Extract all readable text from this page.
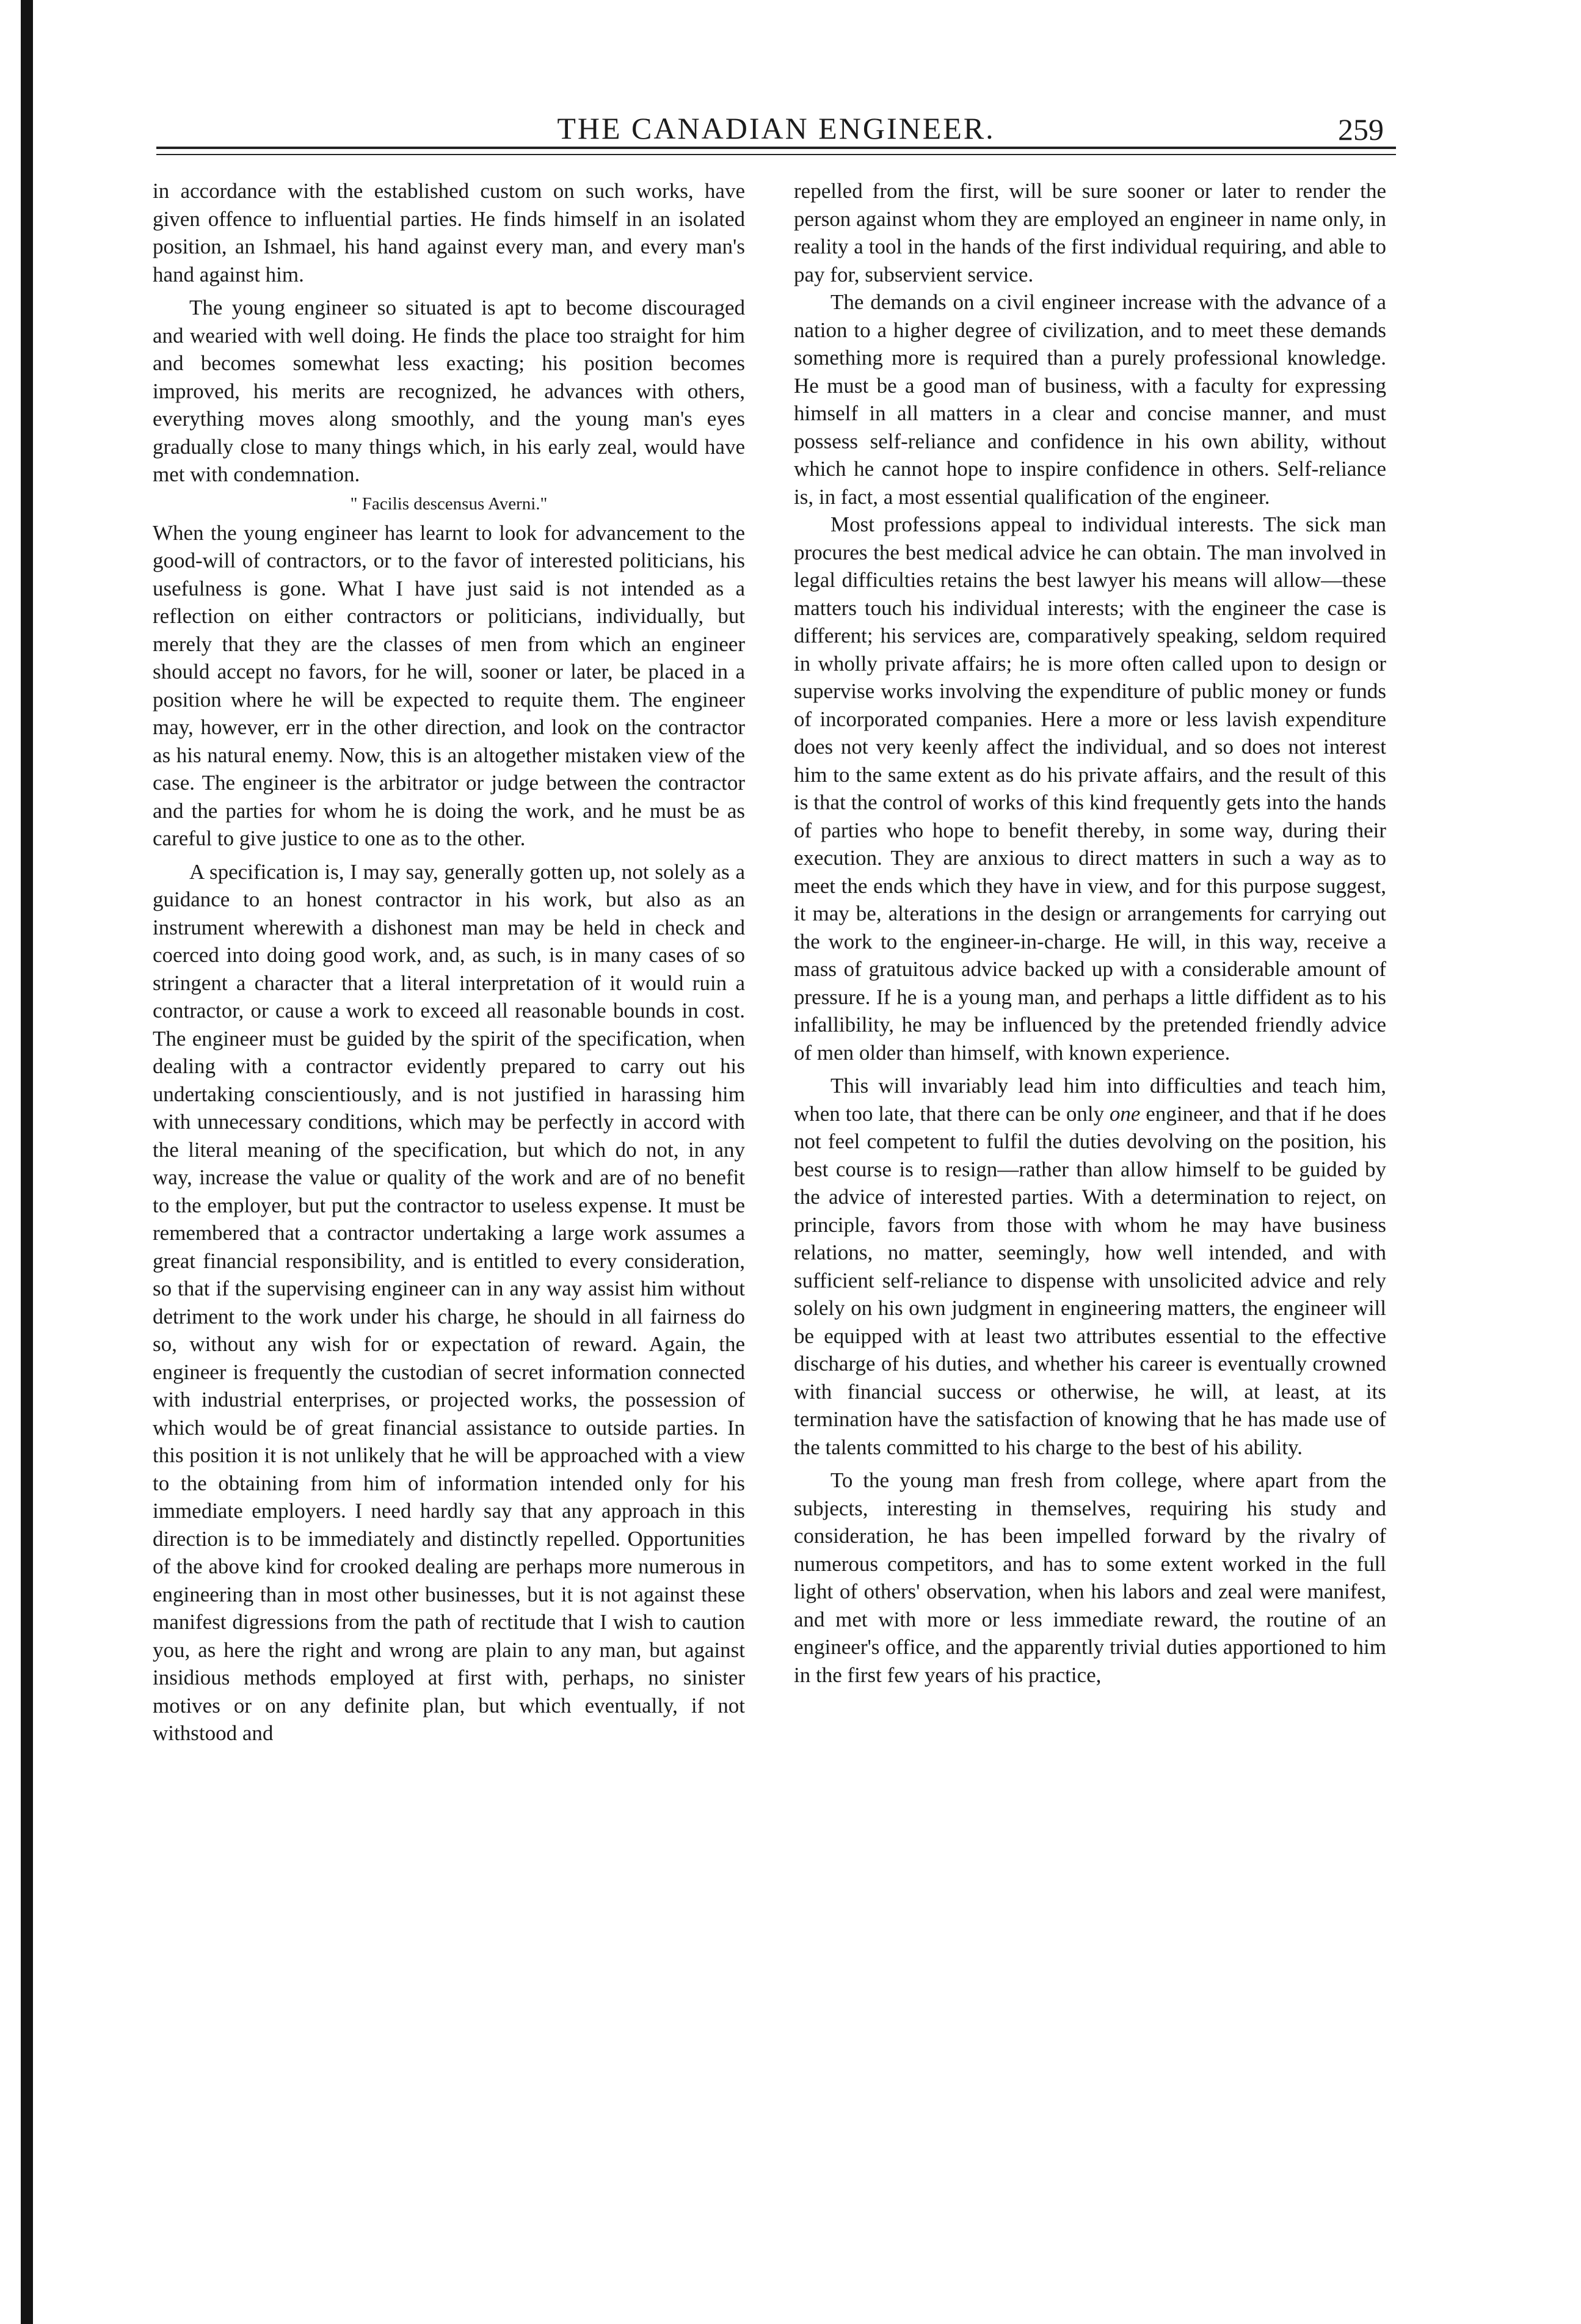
THE CANADIAN ENGINEER.	259

in accordance with the established custom on such works, have given offence to influential parties. He finds himself in an isolated position, an Ishmael, his hand against every man, and every man's hand against him.

The young engineer so situated is apt to become discouraged and wearied with well doing. He finds the place too straight for him and becomes somewhat less exacting; his position becomes improved, his merits are recognized, he advances with others, everything moves along smoothly, and the young man's eyes gradually close to many things which, in his early zeal, would have met with condemnation.

" Facilis descensus Averni."

When the young engineer has learnt to look for advancement to the good-will of contractors, or to the favor of interested politicians, his usefulness is gone. What I have just said is not intended as a reflection on either contractors or politicians, individually, but merely that they are the classes of men from which an engineer should accept no favors, for he will, sooner or later, be placed in a position where he will be expected to requite them. The engineer may, however, err in the other direction, and look on the contractor as his natural enemy. Now, this is an altogether mistaken view of the case. The engineer is the arbitrator or judge between the contractor and the parties for whom he is doing the work, and he must be as careful to give justice to one as to the other.

A specification is, I may say, generally gotten up, not solely as a guidance to an honest contractor in his work, but also as an instrument wherewith a dishonest man may be held in check and coerced into doing good work, and, as such, is in many cases of so stringent a character that a literal interpretation of it would ruin a contractor, or cause a work to exceed all reasonable bounds in cost. The engineer must be guided by the spirit of the specification, when dealing with a contractor evidently prepared to carry out his undertaking conscientiously, and is not justified in harassing him with unnecessary conditions, which may be perfectly in accord with the literal meaning of the specification, but which do not, in any way, increase the value or quality of the work and are of no benefit to the employer, but put the contractor to useless expense. It must be remembered that a contractor undertaking a large work assumes a great financial responsibility, and is entitled to every consideration, so that if the supervising engineer can in any way assist him without detriment to the work under his charge, he should in all fairness do so, without any wish for or expectation of reward. Again, the engineer is frequently the custodian of secret information connected with industrial enterprises, or projected works, the possession of which would be of great financial assistance to outside parties. In this position it is not unlikely that he will be approached with a view to the obtaining from him of information intended only for his immediate employers. I need hardly say that any approach in this direction is to be immediately and distinctly repelled. Opportunities of the above kind for crooked dealing are perhaps more numerous in engineering than in most other businesses, but it is not against these manifest digressions from the path of rectitude that I wish to caution you, as here the right and wrong are plain to any man, but against insidious methods employed at first with, perhaps, no sinister motives or on any definite plan, but which eventually, if not withstood and

repelled from the first, will be sure sooner or later to render the person against whom they are employed an engineer in name only, in reality a tool in the hands of the first individual requiring, and able to pay for, subservient service.

The demands on a civil engineer increase with the advance of a nation to a higher degree of civilization, and to meet these demands something more is required than a purely professional knowledge. He must be a good man of business, with a faculty for expressing himself in all matters in a clear and concise manner, and must possess self-reliance and confidence in his own ability, without which he cannot hope to inspire confidence in others. Self-reliance is, in fact, a most essential qualification of the engineer.

Most professions appeal to individual interests. The sick man procures the best medical advice he can obtain. The man involved in legal difficulties retains the best lawyer his means will allow—these matters touch his individual interests; with the engineer the case is different; his services are, comparatively speaking, seldom required in wholly private affairs; he is more often called upon to design or supervise works involving the expenditure of public money or funds of incorporated companies. Here a more or less lavish expenditure does not very keenly affect the individual, and so does not interest him to the same extent as do his private affairs, and the result of this is that the control of works of this kind frequently gets into the hands of parties who hope to benefit thereby, in some way, during their execution. They are anxious to direct matters in such a way as to meet the ends which they have in view, and for this purpose suggest, it may be, alterations in the design or arrangements for carrying out the work to the engineer-in-charge. He will, in this way, receive a mass of gratuitous advice backed up with a considerable amount of pressure. If he is a young man, and perhaps a little diffident as to his infallibility, he may be influenced by the pretended friendly advice of men older than himself, with known experience.

This will invariably lead him into difficulties and teach him, when too late, that there can be only one engineer, and that if he does not feel competent to fulfil the duties devolving on the position, his best course is to resign—rather than allow himself to be guided by the advice of interested parties. With a determination to reject, on principle, favors from those with whom he may have business relations, no matter, seemingly, how well intended, and with sufficient self-reliance to dispense with unsolicited advice and rely solely on his own judgment in engineering matters, the engineer will be equipped with at least two attributes essential to the effective discharge of his duties, and whether his career is eventually crowned with financial success or otherwise, he will, at least, at its termination have the satisfaction of knowing that he has made use of the talents committed to his charge to the best of his ability.

To the young man fresh from college, where apart from the subjects, interesting in themselves, requiring his study and consideration, he has been impelled forward by the rivalry of numerous competitors, and has to some extent worked in the full light of others' observation, when his labors and zeal were manifest, and met with more or less immediate reward, the routine of an engineer's office, and the apparently trivial duties apportioned to him in the first few years of his practice,
